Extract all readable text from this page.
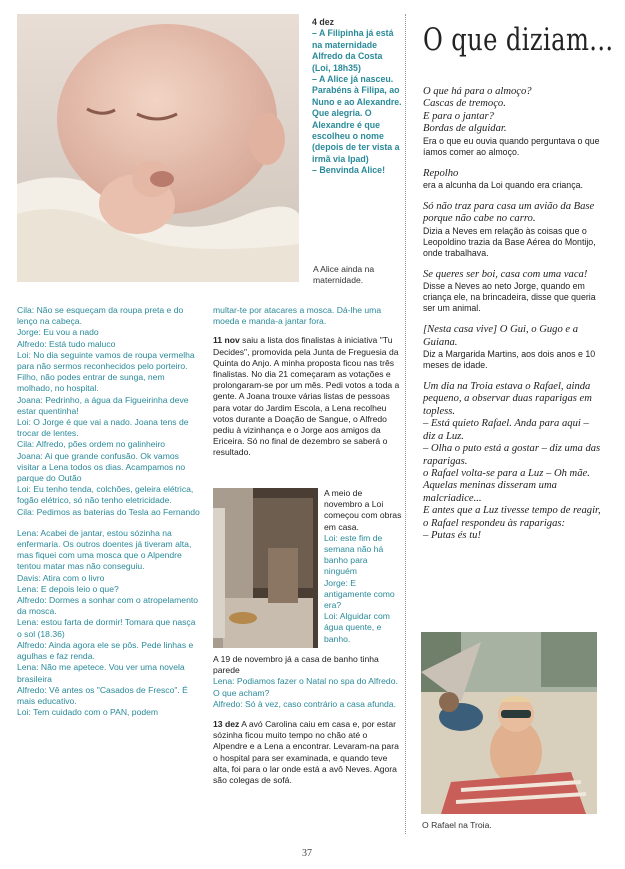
4 dez

– A Filipinha já está na maternidade Alfredo da Costa (Loi, 18h35)

– A Alice já nasceu. Parabéns à Filipa, ao Nuno e ao Alexandre. Que alegria. O Alexandre é que escolheu o nome (depois de ter vista a irmã via Ipad)

– Benvinda Alice!

A Alice ainda na maternidade.

Cila: Não se esqueçam da roupa preta e do lenço na cabeça.

Jorge: Eu vou a nado

Alfredo: Está tudo maluco

Loi: No dia seguinte vamos de roupa vermelha para não sermos reconhecidos pelo porteiro. Filho, não podes entrar de sunga, nem molhado, no hospital.

Joana: Pedrinho, a água da Figueirinha deve estar quentinha!

Loi: O Jorge é que vai a nado. Joana tens de trocar de lentes.

Cila: Alfredo, pões ordem no galinheiro

Joana: Ai que grande confusão. Ok vamos visitar a Lena todos os dias. Acampamos no parque do Outão

Loi: Eu tenho tenda, colchões, geleira elétrica, fogão elétrico, só não tenho eletricidade.

Cila: Pedimos as baterias do Tesla ao Fernando

Lena: Acabei de jantar, estou sózinha na enfermaria. Os outros doentes já tiveram alta, mas fiquei com uma mosca que o Alpendre tentou matar mas não conseguiu.

Davis: Atira com o livro

Lena: E depois leio o que?

Alfredo: Dormes a sonhar com o atropelamento da mosca.

Lena: estou farta de dormir! Tomara que nasça o sol (18.36)

Alfredo: Ainda agora ele se pôs. Pede linhas e agulhas e faz renda.

Lena: Não me apetece. Vou ver uma novela brasileira

Alfredo: Vê antes os "Casados de Fresco". É mais educativo.

Loi: Tem cuidado com o PAN, podem

multar-te por atacares a mosca. Dá-lhe uma moeda e manda-a jantar fora.

11 nov saiu a lista dos finalistas à iniciativa "Tu Decides", promovida pela Junta de Freguesia da Quinta do Anjo. A minha proposta ficou nas três finalistas. No dia 21 começaram as votações e prolongaram-se por um mês. Pedi votos a toda a gente. A Joana trouxe várias listas de pessoas para votar do Jardim Escola, a Lena recolheu votos durante a Doação de Sangue, o Alfredo pediu à vizinhança e o Jorge aos amigos da Ericeira. Só no final de dezembro se saberá o resultado.

A meio de novembro a Loi começou com obras em casa.

Loi: este fim de semana não há banho para ninguém

Jorge: E antigamente como era?

Loi: Alguidar com água quente, e banho.

A 19 de novembro já a casa de banho tinha parede

Lena: Podiamos fazer o Natal no spa do Alfredo. O que acham?

Alfredo: Só à vez, caso contrário a casa afunda.

13 dez A avó Carolina caiu em casa e, por estar sózinha ficou muito tempo no chão até o Alpendre e a Lena a encontrar. Levaram-na para o hospital para ser examinada, e quando teve alta, foi para o lar onde está a avô Neves. Agora são colegas de sofá.

O que diziam...

O que há para o almoço?

Cascas de tremoço.

E para o jantar?

Bordas de alguidar.

Era o que eu ouvia quando perguntava o que íamos comer ao almoço.

Repolho

era a alcunha da Loi quando era criança.

Só não traz para casa um avião da Base porque não cabe no carro.

Dizia a Neves em relação às coisas que o Leopoldino trazia da Base Aérea do Montijo, onde trabalhava.

Se queres ser boi, casa com uma vaca!

Disse a Neves ao neto Jorge, quando em criança ele, na brincadeira, disse que queria ser um animal.

[Nesta casa vive] O Gui, o Gugo e a Guiana.

Diz a Margarida Martins, aos dois anos e 10 meses de idade.

Um dia na Troia estava o Rafael, ainda pequeno, a observar duas raparigas em topless.

– Está quieto Rafael. Anda para aqui – diz a Luz.

– Olha o puto está a gostar – diz uma das raparigas.

o Rafael volta-se para a Luz – Oh mãe. Aquelas meninas disseram uma malcriadice...

E antes que a Luz tivesse tempo de reagir, o Rafael respondeu às raparigas:

– Putas és tu!

O Rafael na Troia.
37
